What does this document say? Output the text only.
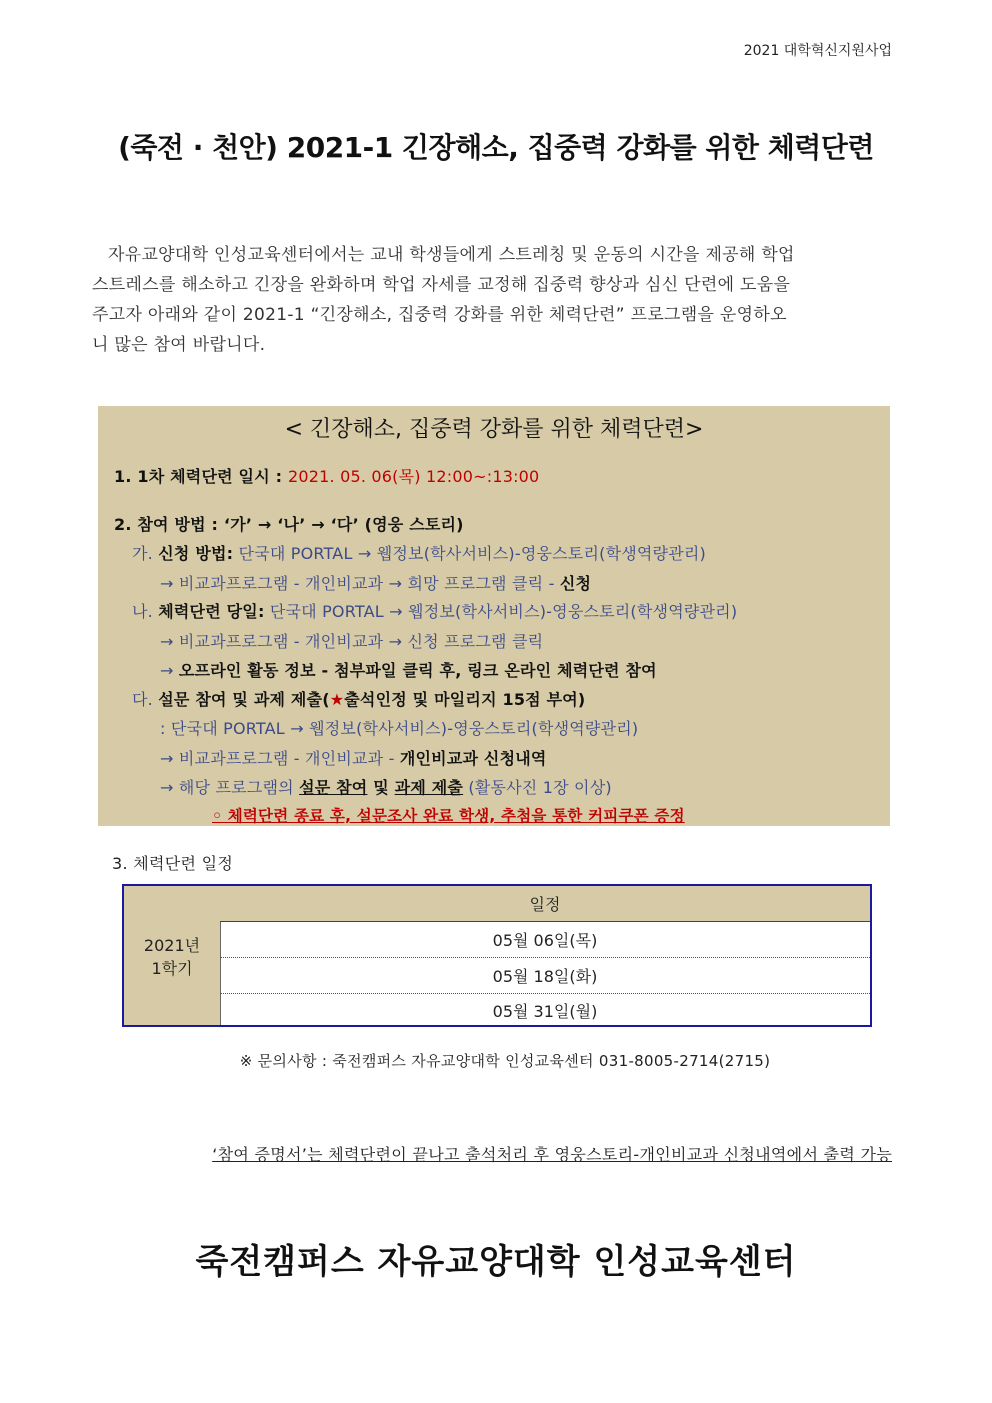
2021 대학혁신지원사업
(죽전 · 천안) 2021-1 긴장해소, 집중력 강화를 위한 체력단련
자유교양대학 인성교육센터에서는 교내 학생들에게 스트레칭 및 운동의 시간을 제공해 학업
스트레스를 해소하고 긴장을 완화하며 학업 자세를 교정해 집중력 향상과 심신 단련에 도움을
주고자 아래와 같이 2021-1 “긴장해소, 집중력 강화를 위한 체력단련” 프로그램을 운영하오
니 많은 참여 바랍니다.
< 긴장해소, 집중력 강화를 위한 체력단련>
1. 1차 체력단련 일시 : 2021. 05. 06(목) 12:00~:13:00
2. 참여 방법 : ‘가’ → ‘나’ → ‘다’ (영웅 스토리)
가. 신청 방법: 단국대 PORTAL → 웹정보(학사서비스)-영웅스토리(학생역량관리)
→ 비교과프로그램 - 개인비교과 → 희망 프로그램 클릭 - 신청
나. 체력단련 당일: 단국대 PORTAL → 웹정보(학사서비스)-영웅스토리(학생역량관리)
→ 비교과프로그램 - 개인비교과 → 신청 프로그램 클릭
→ 오프라인 활동 정보 - 첨부파일 클릭 후, 링크 온라인 체력단련 참여
다. 설문 참여 및 과제 제출(★출석인정 및 마일리지 15점 부여)
: 단국대 PORTAL → 웹정보(학사서비스)-영웅스토리(학생역량관리)
→ 비교과프로그램 - 개인비교과 - 개인비교과 신청내역
→ 해당 프로그램의 설문 참여 및 과제 제출 (활동사진 1장 이상)
◦ 체력단련 종료 후, 설문조사 완료 학생, 추첨을 통한 커피쿠폰 증정
3. 체력단련 일정
2021년
1학기
일정
05월 06일(목)
05월 18일(화)
05월 31일(월)
※ 문의사항 : 죽전캠퍼스 자유교양대학 인성교육센터 031-8005-2714(2715)
‘참여 증명서’는 체력단련이 끝나고 출석처리 후 영웅스토리-개인비교과 신청내역에서 출력 가능
죽전캠퍼스 자유교양대학 인성교육센터
